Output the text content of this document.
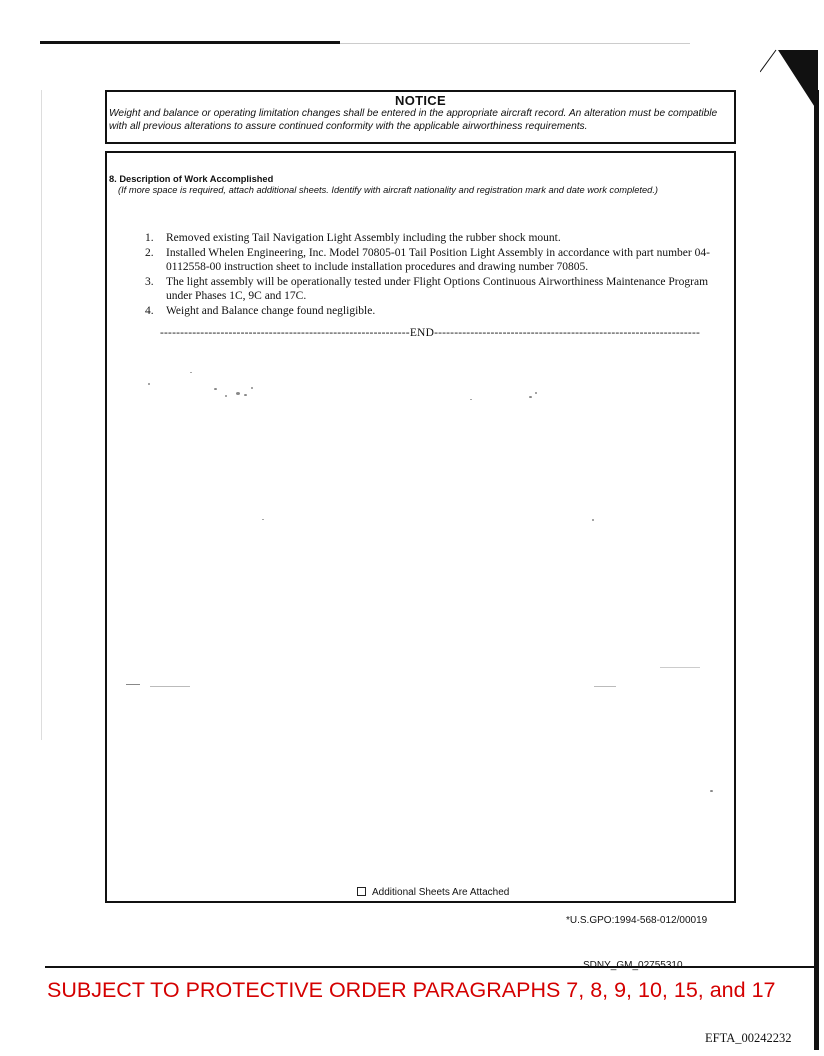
NOTICE
Weight and balance or operating limitation changes shall be entered in the appropriate aircraft record. An alteration must be compatible with all previous alterations to assure continued conformity with the applicable airworthiness requirements.
8. Description of Work Accomplished
(If more space is required, attach additional sheets. Identify with aircraft nationality and registration mark and date work completed.)
1.	Removed existing Tail Navigation Light Assembly including the rubber shock mount.
2.	Installed Whelen Engineering, Inc. Model 70805-01 Tail Position Light Assembly in accordance with part number 04-0112558-00 instruction sheet to include installation procedures and drawing number 70805.
3.	The light assembly will be operationally tested under Flight Options Continuous Airworthiness Maintenance Program under Phases 1C, 9C and 17C.
4.	Weight and Balance change found negligible.
--------------------------------------------------------------END------------------------------------------------------------------
Additional Sheets Are Attached
*U.S.GPO:1994-568-012/00019
SUBJECT TO PROTECTIVE ORDER PARAGRAPHS 7, 8, 9, 10, 15, and 17
EFTA_00242232
